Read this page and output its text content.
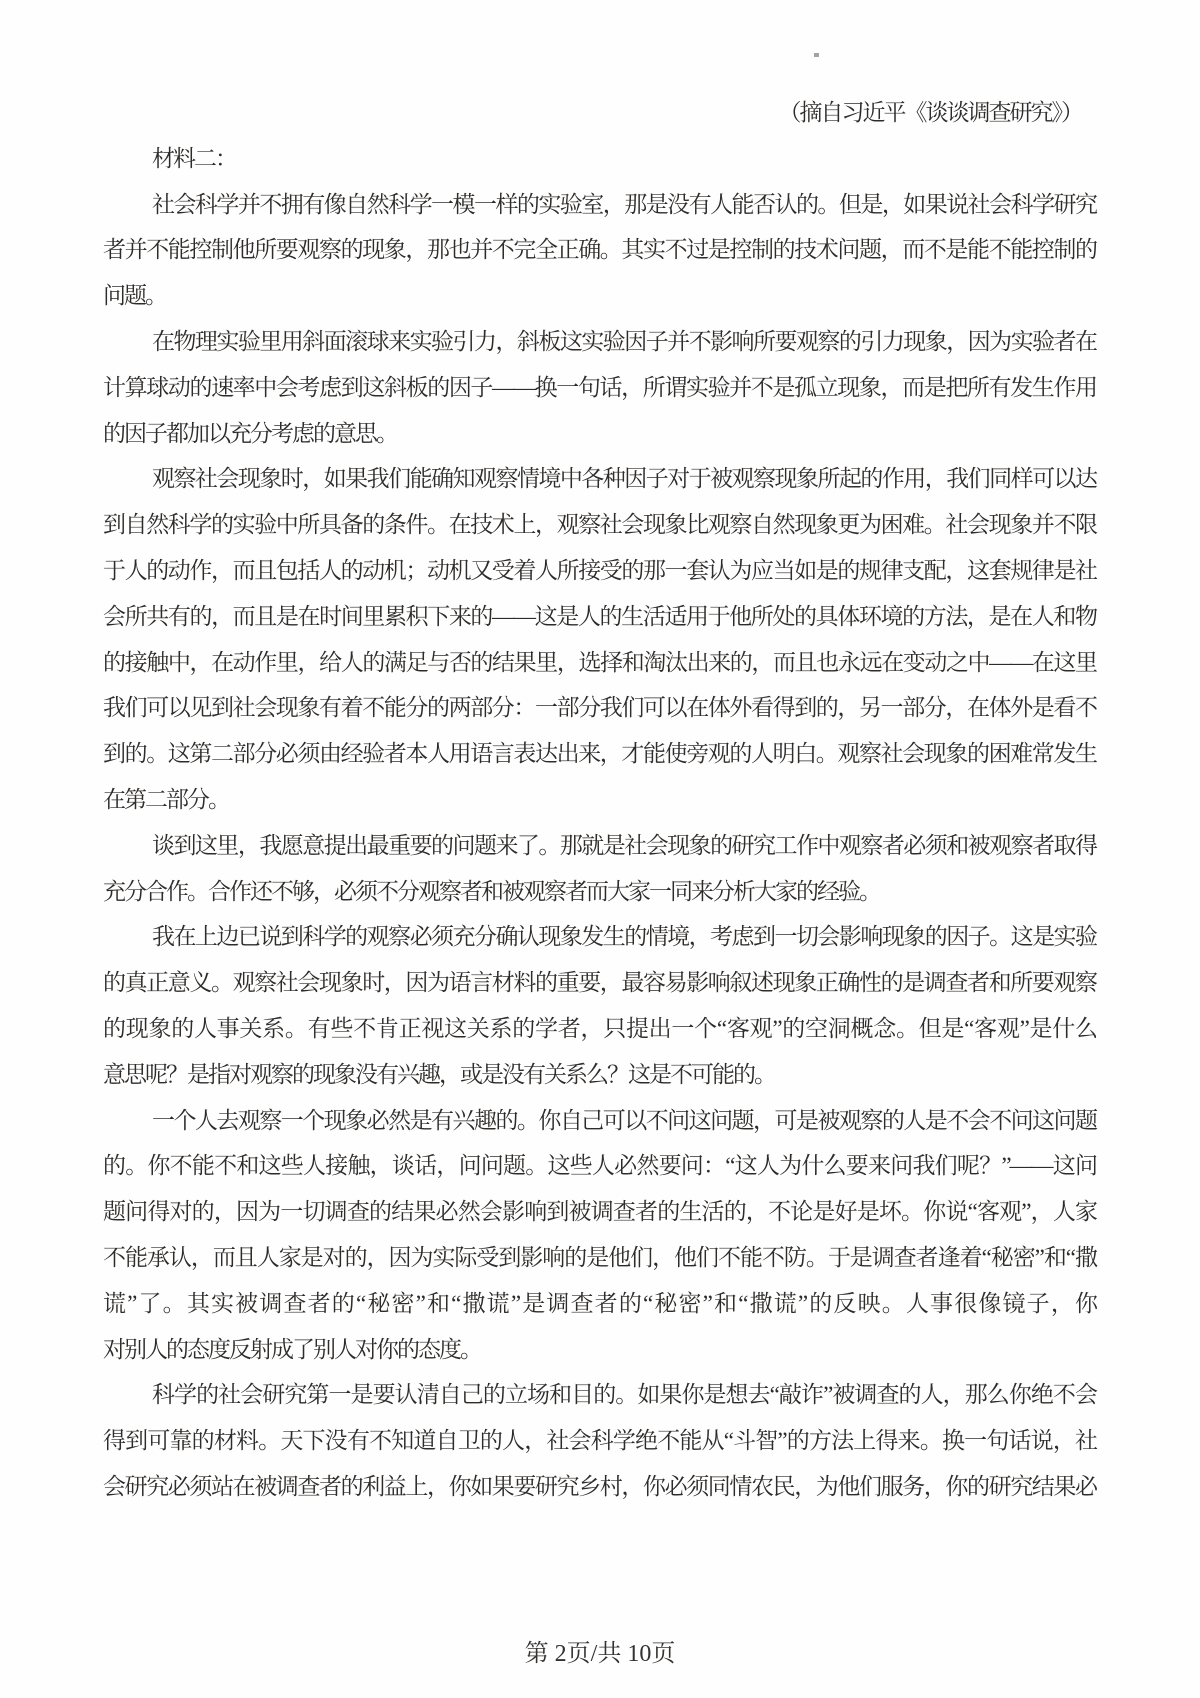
（摘自习近平《谈谈调查研究》）
材料二：
社会科学并不拥有像自然科学一模一样的实验室，那是没有人能否认的。但是，如果说社会科学研究
者并不能控制他所要观察的现象，那也并不完全正确。其实不过是控制的技术问题，而不是能不能控制的
问题。
在物理实验里用斜面滚球来实验引力，斜板这实验因子并不影响所要观察的引力现象，因为实验者在
计算球动的速率中会考虑到这斜板的因子——换一句话，所谓实验并不是孤立现象，而是把所有发生作用
的因子都加以充分考虑的意思。
观察社会现象时，如果我们能确知观察情境中各种因子对于被观察现象所起的作用，我们同样可以达
到自然科学的实验中所具备的条件。在技术上，观察社会现象比观察自然现象更为困难。社会现象并不限
于人的动作，而且包括人的动机；动机又受着人所接受的那一套认为应当如是的规律支配，这套规律是社
会所共有的，而且是在时间里累积下来的——这是人的生活适用于他所处的具体环境的方法，是在人和物
的接触中，在动作里，给人的满足与否的结果里，选择和淘汰出来的，而且也永远在变动之中——在这里
我们可以见到社会现象有着不能分的两部分：一部分我们可以在体外看得到的，另一部分，在体外是看不
到的。这第二部分必须由经验者本人用语言表达出来，才能使旁观的人明白。观察社会现象的困难常发生
在第二部分。
谈到这里，我愿意提出最重要的问题来了。那就是社会现象的研究工作中观察者必须和被观察者取得
充分合作。合作还不够，必须不分观察者和被观察者而大家一同来分析大家的经验。
我在上边已说到科学的观察必须充分确认现象发生的情境，考虑到一切会影响现象的因子。这是实验
的真正意义。观察社会现象时，因为语言材料的重要，最容易影响叙述现象正确性的是调查者和所要观察
的现象的人事关系。有些不肯正视这关系的学者，只提出一个“客观”的空洞概念。但是“客观”是什么
意思呢？是指对观察的现象没有兴趣，或是没有关系么？这是不可能的。
一个人去观察一个现象必然是有兴趣的。你自己可以不问这问题，可是被观察的人是不会不问这问题
的。你不能不和这些人接触，谈话，问问题。这些人必然要问：“这人为什么要来问我们呢？”——这问
题问得对的，因为一切调查的结果必然会影响到被调查者的生活的，不论是好是坏。你说“客观”，人家
不能承认，而且人家是对的，因为实际受到影响的是他们，他们不能不防。于是调查者逢着“秘密”和“撒
谎”了。其实被调查者的“秘密”和“撒谎”是调查者的“秘密”和“撒谎”的反映。人事很像镜子，你
对别人的态度反射成了别人对你的态度。
科学的社会研究第一是要认清自己的立场和目的。如果你是想去“敲诈”被调查的人，那么你绝不会
得到可靠的材料。天下没有不知道自卫的人，社会科学绝不能从“斗智”的方法上得来。换一句话说，社
会研究必须站在被调查者的利益上，你如果要研究乡村，你必须同情农民，为他们服务，你的研究结果必
第 2页/共 10页
